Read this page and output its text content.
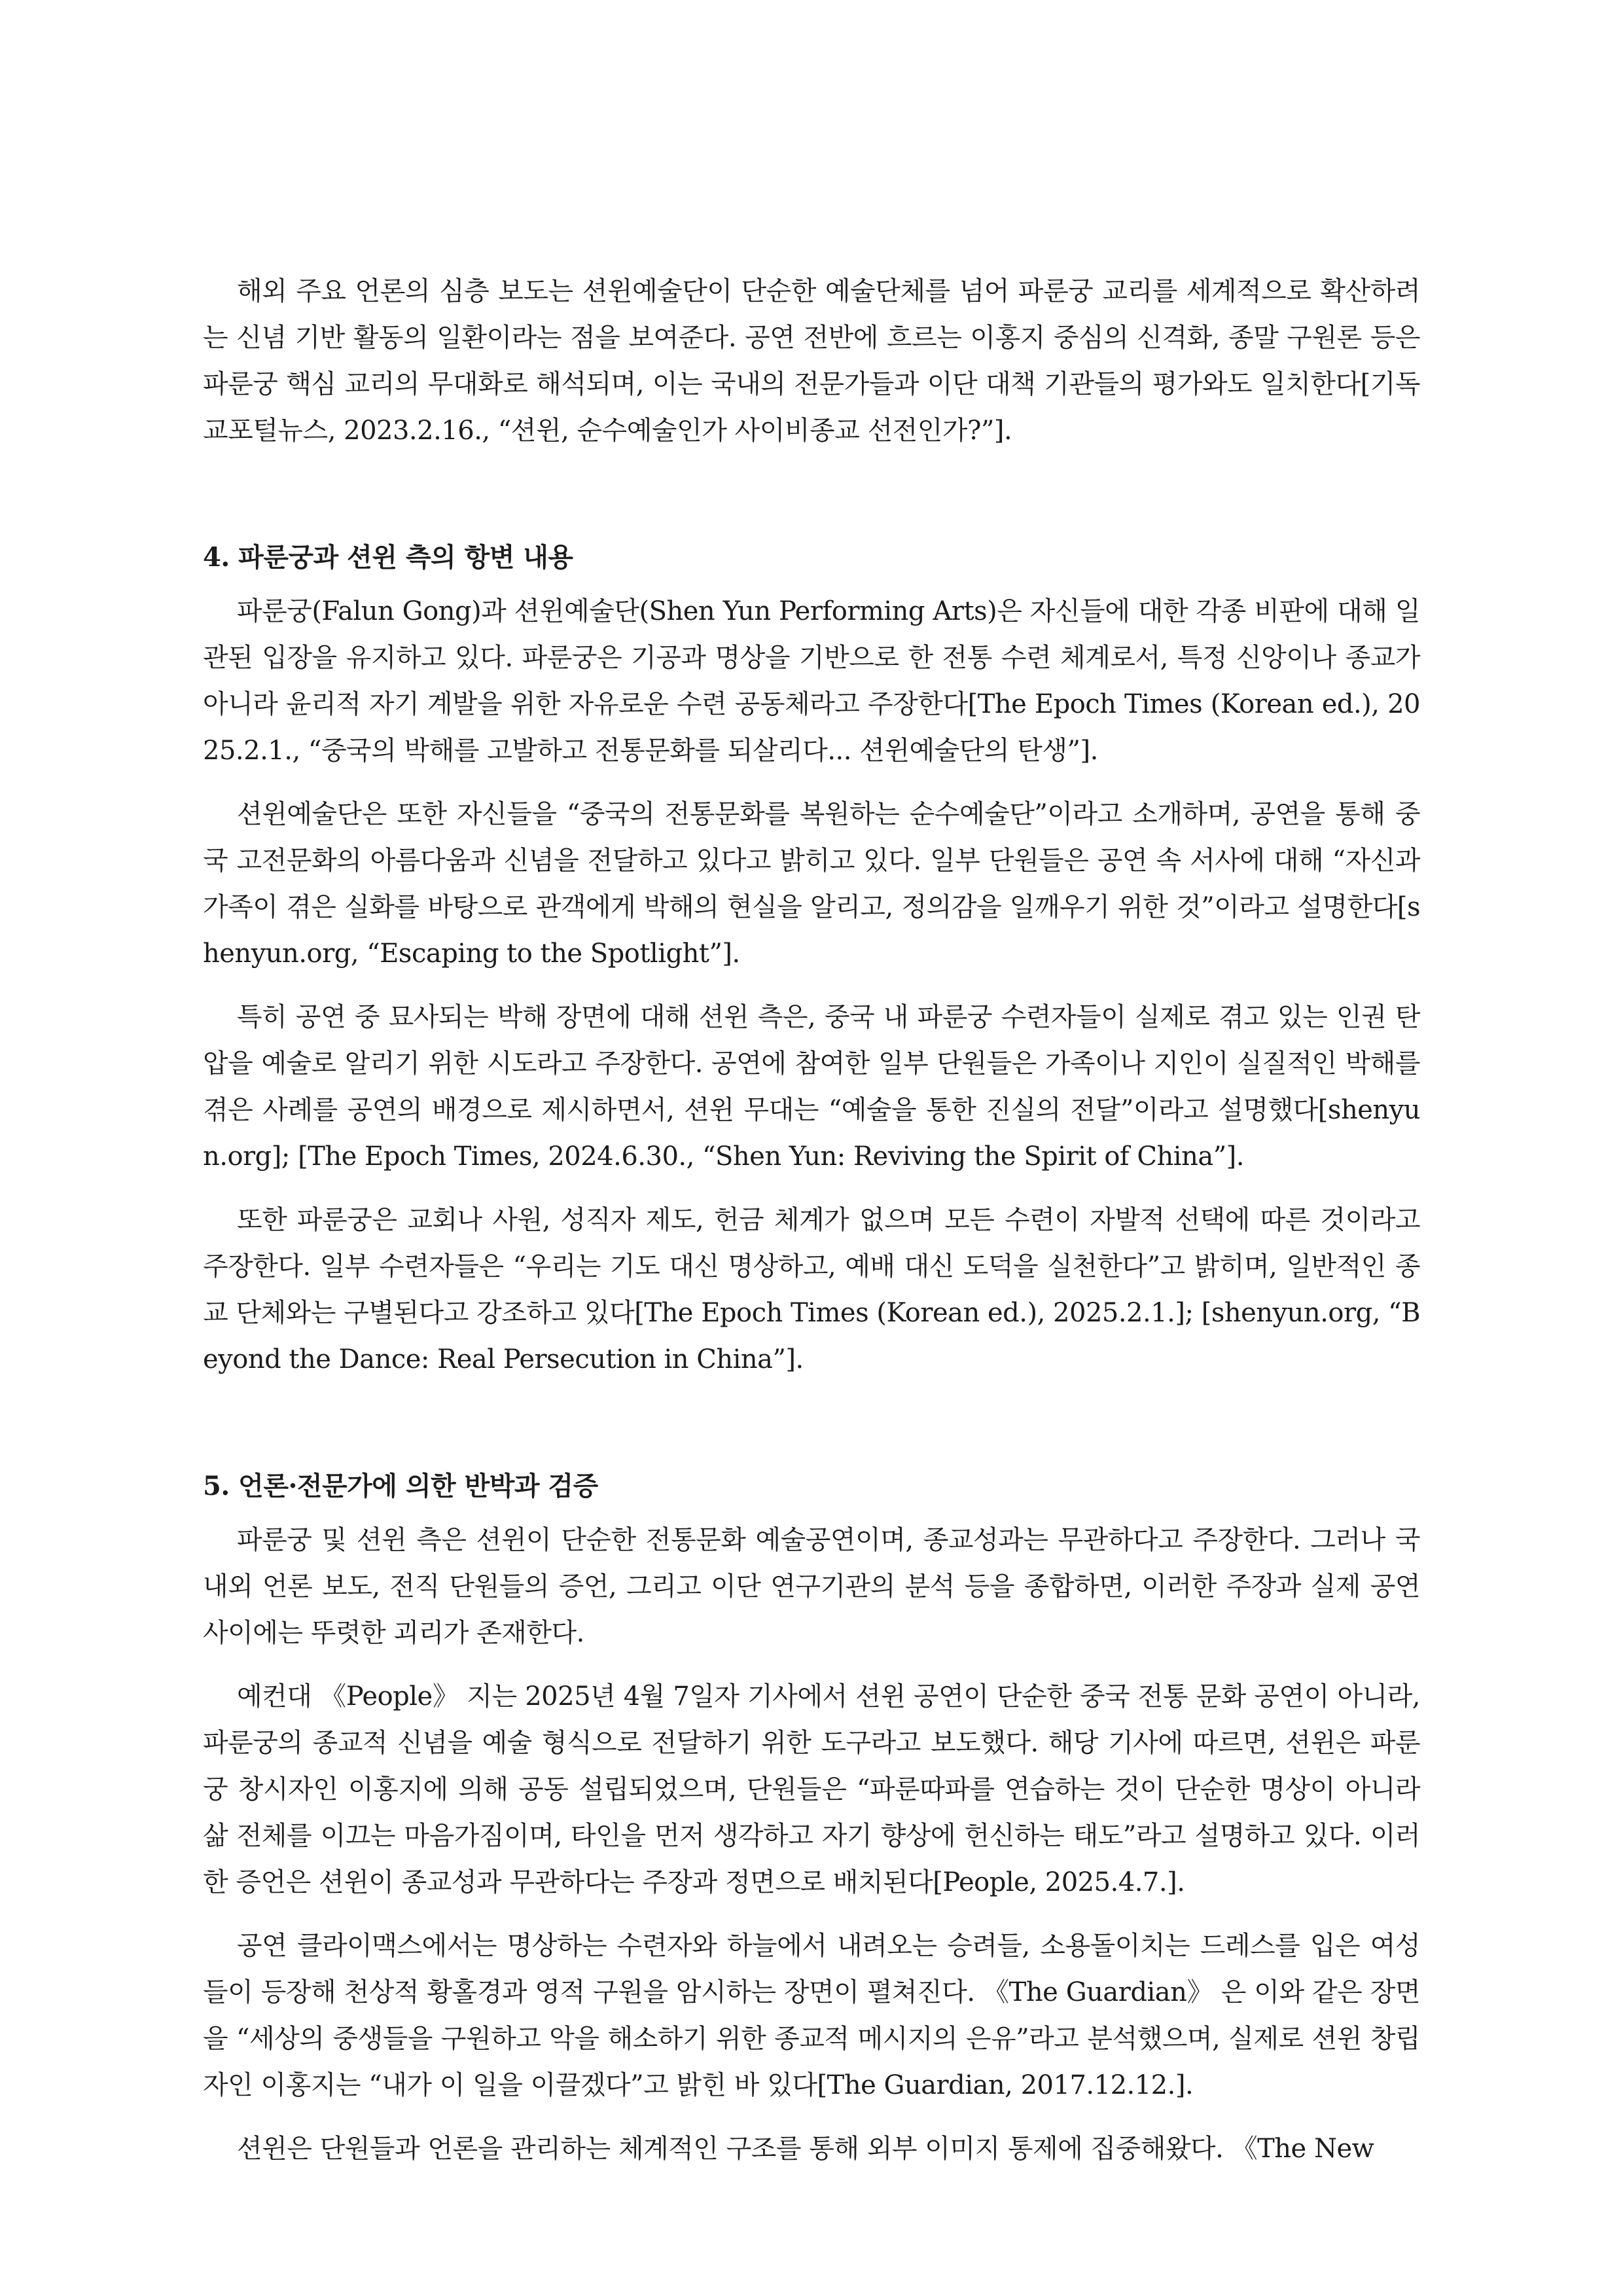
해외 주요 언론의 심층 보도는 션윈예술단이 단순한 예술단체를 넘어 파룬궁 교리를 세계적으로 확산하려는 신념 기반 활동의 일환이라는 점을 보여준다. 공연 전반에 흐르는 이홍지 중심의 신격화, 종말 구원론 등은 파룬궁 핵심 교리의 무대화로 해석되며, 이는 국내의 전문가들과 이단 대책 기관들의 평가와도 일치한다[기독교포털뉴스, 2023.2.16., “션윈, 순수예술인가 사이비종교 선전인가?”].

4. 파룬궁과 션윈 측의 항변 내용

파룬궁(Falun Gong)과 션윈예술단(Shen Yun Performing Arts)은 자신들에 대한 각종 비판에 대해 일관된 입장을 유지하고 있다. 파룬궁은 기공과 명상을 기반으로 한 전통 수련 체계로서, 특정 신앙이나 종교가 아니라 윤리적 자기 계발을 위한 자유로운 수련 공동체라고 주장한다[The Epoch Times (Korean ed.), 2025.2.1., “중국의 박해를 고발하고 전통문화를 되살리다... 션윈예술단의 탄생”].

션윈예술단은 또한 자신들을 “중국의 전통문화를 복원하는 순수예술단”이라고 소개하며, 공연을 통해 중국 고전문화의 아름다움과 신념을 전달하고 있다고 밝히고 있다. 일부 단원들은 공연 속 서사에 대해 “자신과 가족이 겪은 실화를 바탕으로 관객에게 박해의 현실을 알리고, 정의감을 일깨우기 위한 것”이라고 설명한다[shenyun.org, “Escaping to the Spotlight”].

특히 공연 중 묘사되는 박해 장면에 대해 션윈 측은, 중국 내 파룬궁 수련자들이 실제로 겪고 있는 인권 탄압을 예술로 알리기 위한 시도라고 주장한다. 공연에 참여한 일부 단원들은 가족이나 지인이 실질적인 박해를 겪은 사례를 공연의 배경으로 제시하면서, 션윈 무대는 “예술을 통한 진실의 전달”이라고 설명했다[shenyun.org]; [The Epoch Times, 2024.6.30., “Shen Yun: Reviving the Spirit of China”].

또한 파룬궁은 교회나 사원, 성직자 제도, 헌금 체계가 없으며 모든 수련이 자발적 선택에 따른 것이라고 주장한다. 일부 수련자들은 “우리는 기도 대신 명상하고, 예배 대신 도덕을 실천한다”고 밝히며, 일반적인 종교 단체와는 구별된다고 강조하고 있다[The Epoch Times (Korean ed.), 2025.2.1.]; [shenyun.org, “Beyond the Dance: Real Persecution in China”].

5. 언론·전문가에 의한 반박과 검증

파룬궁 및 션윈 측은 션윈이 단순한 전통문화 예술공연이며, 종교성과는 무관하다고 주장한다. 그러나 국내외 언론 보도, 전직 단원들의 증언, 그리고 이단 연구기관의 분석 등을 종합하면, 이러한 주장과 실제 공연 사이에는 뚜렷한 괴리가 존재한다.

예컨대 《People》 지는 2025년 4월 7일자 기사에서 션윈 공연이 단순한 중국 전통 문화 공연이 아니라, 파룬궁의 종교적 신념을 예술 형식으로 전달하기 위한 도구라고 보도했다. 해당 기사에 따르면, 션윈은 파룬궁 창시자인 이홍지에 의해 공동 설립되었으며, 단원들은 “파룬따파를 연습하는 것이 단순한 명상이 아니라 삶 전체를 이끄는 마음가짐이며, 타인을 먼저 생각하고 자기 향상에 헌신하는 태도”라고 설명하고 있다. 이러한 증언은 션윈이 종교성과 무관하다는 주장과 정면으로 배치된다[People, 2025.4.7.].

공연 클라이맥스에서는 명상하는 수련자와 하늘에서 내려오는 승려들, 소용돌이치는 드레스를 입은 여성들이 등장해 천상적 황홀경과 영적 구원을 암시하는 장면이 펼쳐진다. 《The Guardian》 은 이와 같은 장면을 “세상의 중생들을 구원하고 악을 해소하기 위한 종교적 메시지의 은유”라고 분석했으며, 실제로 션윈 창립자인 이홍지는 “내가 이 일을 이끌겠다”고 밝힌 바 있다[The Guardian, 2017.12.12.].

션윈은 단원들과 언론을 관리하는 체계적인 구조를 통해 외부 이미지 통제에 집중해왔다. 《The New
